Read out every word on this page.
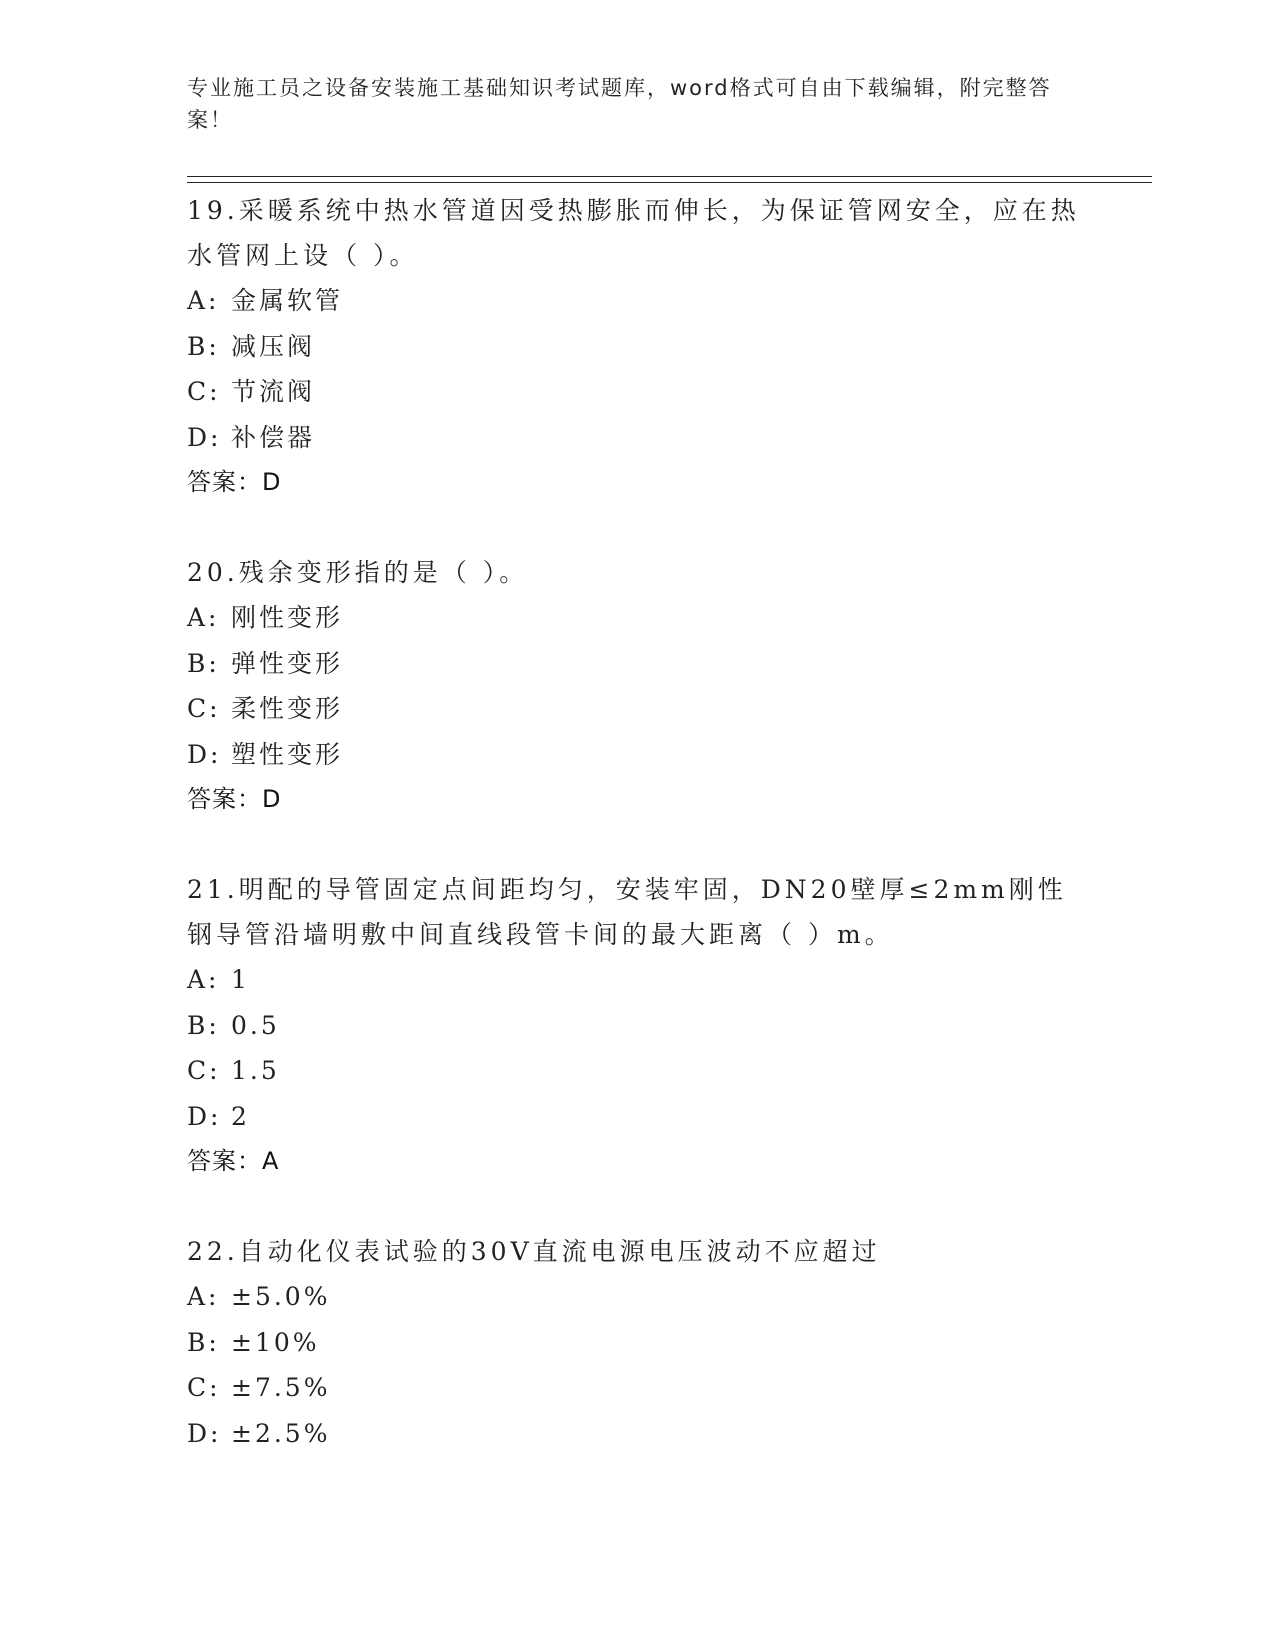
专业施工员之设备安装施工基础知识考试题库，word格式可自由下载编辑，附完整答案！

19.采暖系统中热水管道因受热膨胀而伸长，为保证管网安全，应在热水管网上设（ ）。

A: 金属软管

B: 减压阀

C: 节流阀

D: 补偿器

答案：D

20.残余变形指的是（ ）。

A: 刚性变形

B: 弹性变形

C: 柔性变形

D: 塑性变形

答案：D

21.明配的导管固定点间距均匀，安装牢固，DN20壁厚≤2mm刚性钢导管沿墙明敷中间直线段管卡间的最大距离（ ）m。

A: 1

B: 0.5

C: 1.5

D: 2

答案：A

22.自动化仪表试验的30V直流电源电压波动不应超过

A: ±5.0%

B: ±10%

C: ±7.5%

D: ±2.5%
